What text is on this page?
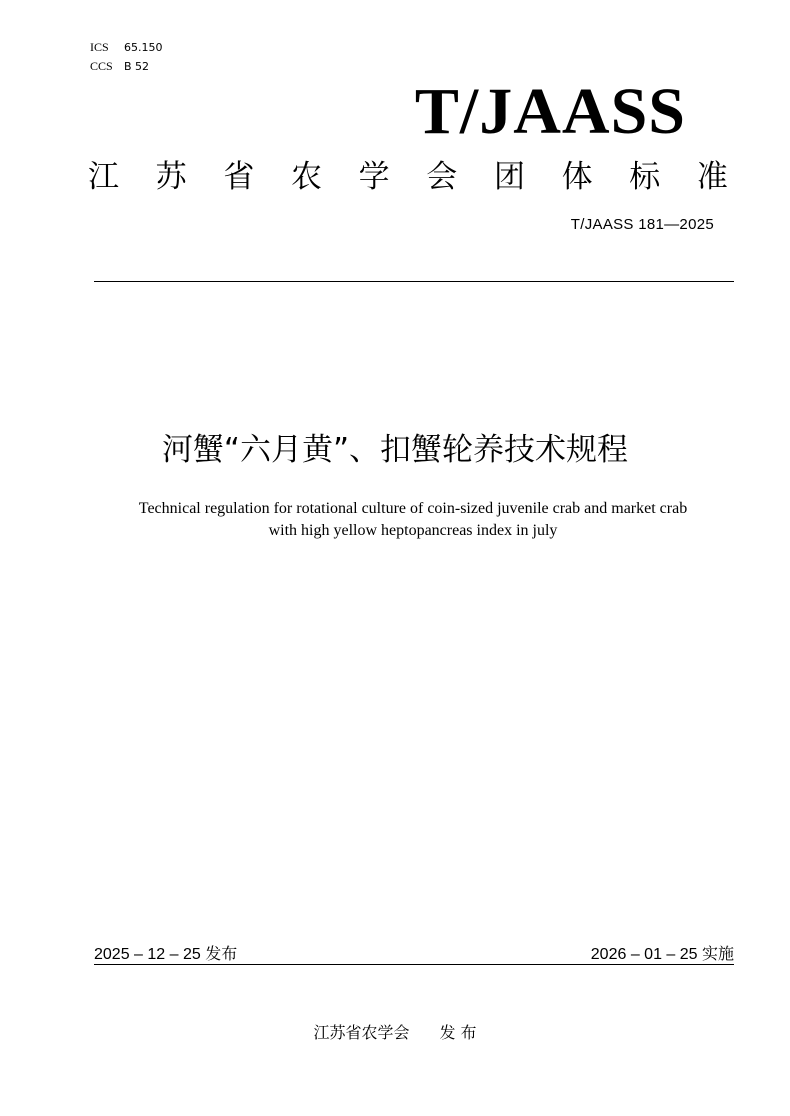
ICS 65.150
CCS B 52
T/JAASS
江 苏 省 农 学 会 团 体 标 准
T/JAASS 181—2025
河蟹“六月黄”、扣蟹轮养技术规程
Technical regulation for rotational culture of coin-sized juvenile crab and market crab
with high yellow heptopancreas index in july
2025 – 12 – 25 发布	2026 – 01 – 25 实施
江苏省农学会 发 布
